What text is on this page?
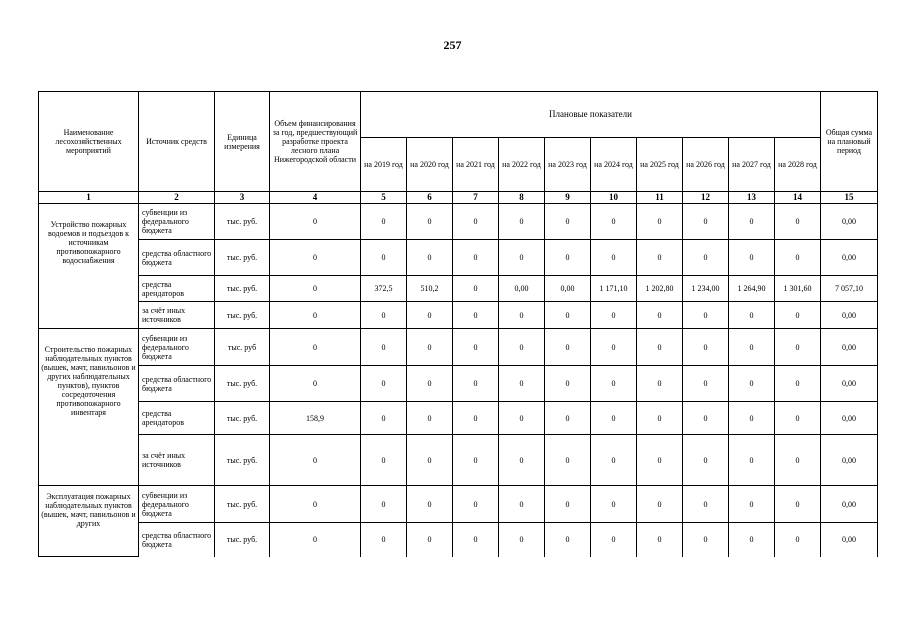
257
Наименование лесохозяйственных мероприятий	Источник средств	Единица измерения	Объем финансирования за год, предшествующий разработке проекта лесного плана Нижегородской области	Плановые показатели										Общая сумма на плановый период
				на 2019 год	на 2020 год	на 2021 год	на 2022 год	на 2023 год	на 2024 год	на 2025 год	на 2026 год	на 2027 год	на 2028 год	
1	2	3	4	5	6	7	8	9	10	11	12	13	14	15
Устройство пожарных водоемов и подъездов к источникам противопожарного водоснабжения	субвенции из федерального бюджета	тыс. руб.	0	0	0	0	0	0	0	0	0	0	0	0,00
	средства областного бюджета	тыс. руб.	0	0	0	0	0	0	0	0	0	0	0	0,00
	средства арендаторов	тыс. руб.	0	372,5	510,2	0	0,00	0,00	1 171,10	1 202,80	1 234,00	1 264,90	1 301,60	7 057,10
	за счёт иных источников	тыс. руб.	0	0	0	0	0	0	0	0	0	0	0	0,00
Строительство пожарных наблюдательных пунктов (вышек, мачт, павильонов и других наблюдательных пунктов), пунктов сосредоточения противопожарного инвентаря	субвенции из федерального бюджета	тыс. руб	0	0	0	0	0	0	0	0	0	0	0	0,00
	средства областного бюджета	тыс. руб.	0	0	0	0	0	0	0	0	0	0	0	0,00
	средства арендаторов	тыс. руб.	158,9	0	0	0	0	0	0	0	0	0	0	0,00
	за счёт иных источников	тыс. руб.	0	0	0	0	0	0	0	0	0	0	0	0,00
Эксплуатация пожарных наблюдательных пунктов (вышек, мачт, павильонов и других	субвенции из федерального бюджета	тыс. руб.	0	0	0	0	0	0	0	0	0	0	0	0,00
	средства областного бюджета	тыс. руб.	0	0	0	0	0	0	0	0	0	0	0	0,00
